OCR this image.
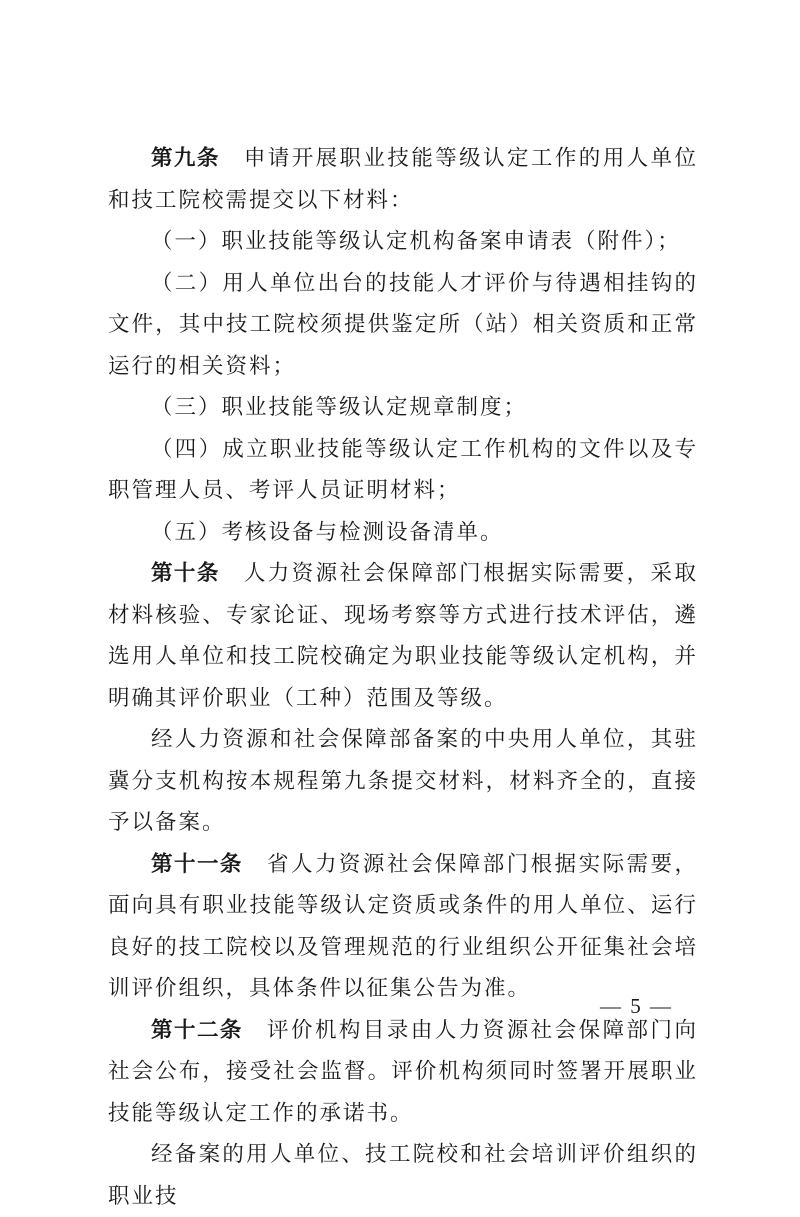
第九条 申请开展职业技能等级认定工作的用人单位和技工院校需提交以下材料：

（一）职业技能等级认定机构备案申请表（附件）；

（二）用人单位出台的技能人才评价与待遇相挂钩的文件，其中技工院校须提供鉴定所（站）相关资质和正常运行的相关资料；

（三）职业技能等级认定规章制度；

（四）成立职业技能等级认定工作机构的文件以及专职管理人员、考评人员证明材料；

（五）考核设备与检测设备清单。

第十条 人力资源社会保障部门根据实际需要，采取材料核验、专家论证、现场考察等方式进行技术评估，遴选用人单位和技工院校确定为职业技能等级认定机构，并明确其评价职业（工种）范围及等级。

经人力资源和社会保障部备案的中央用人单位，其驻冀分支机构按本规程第九条提交材料，材料齐全的，直接予以备案。

第十一条 省人力资源社会保障部门根据实际需要，面向具有职业技能等级认定资质或条件的用人单位、运行良好的技工院校以及管理规范的行业组织公开征集社会培训评价组织，具体条件以征集公告为准。

第十二条 评价机构目录由人力资源社会保障部门向社会公布，接受社会监督。评价机构须同时签署开展职业技能等级认定工作的承诺书。

经备案的用人单位、技工院校和社会培训评价组织的职业技

— 5 —
